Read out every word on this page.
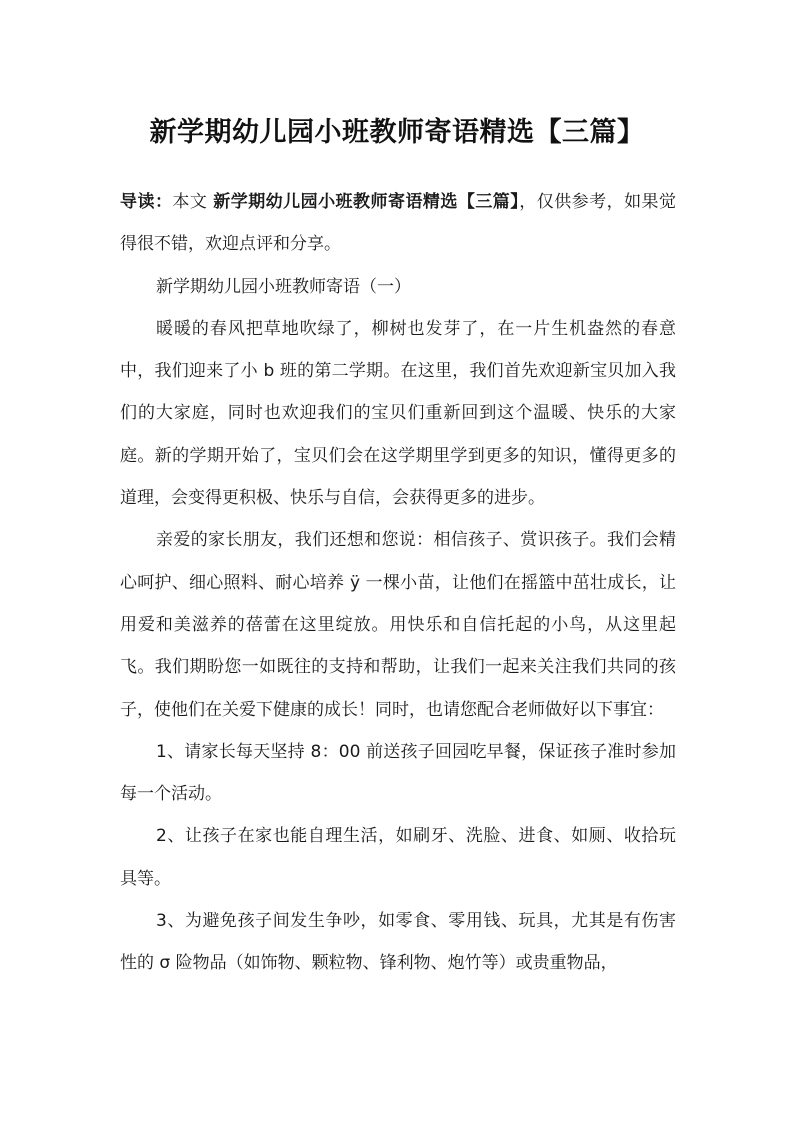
新学期幼儿园小班教师寄语精选【三篇】

导读：本文 新学期幼儿园小班教师寄语精选【三篇】，仅供参考，如果觉得很不错，欢迎点评和分享。

新学期幼儿园小班教师寄语（一）

暖暖的春风把草地吹绿了，柳树也发芽了，在一片生机盎然的春意中，我们迎来了小 b 班的第二学期。在这里，我们首先欢迎新宝贝加入我们的大家庭，同时也欢迎我们的宝贝们重新回到这个温暖、快乐的大家庭。新的学期开始了，宝贝们会在这学期里学到更多的知识，懂得更多的道理，会变得更积极、快乐与自信，会获得更多的进步。

亲爱的家长朋友，我们还想和您说：相信孩子、赏识孩子。我们会精心呵护、细心照料、耐心培养 ÿ 一棵小苗，让他们在摇篮中茁壮成长，让用爱和美滋养的蓓蕾在这里绽放。用快乐和自信托起的小鸟，从这里起飞。我们期盼您一如既往的支持和帮助，让我们一起来关注我们共同的孩子，使他们在关爱下健康的成长！同时，也请您配合老师做好以下事宜：

1、请家长每天坚持 8：00 前送孩子回园吃早餐，保证孩子准时参加每一个活动。

2、让孩子在家也能自理生活，如刷牙、洗脸、进食、如厕、收拾玩具等。

3、为避免孩子间发生争吵，如零食、零用钱、玩具，尤其是有伤害性的 σ 险物品（如饰物、颗粒物、锋利物、炮竹等）或贵重物品，
